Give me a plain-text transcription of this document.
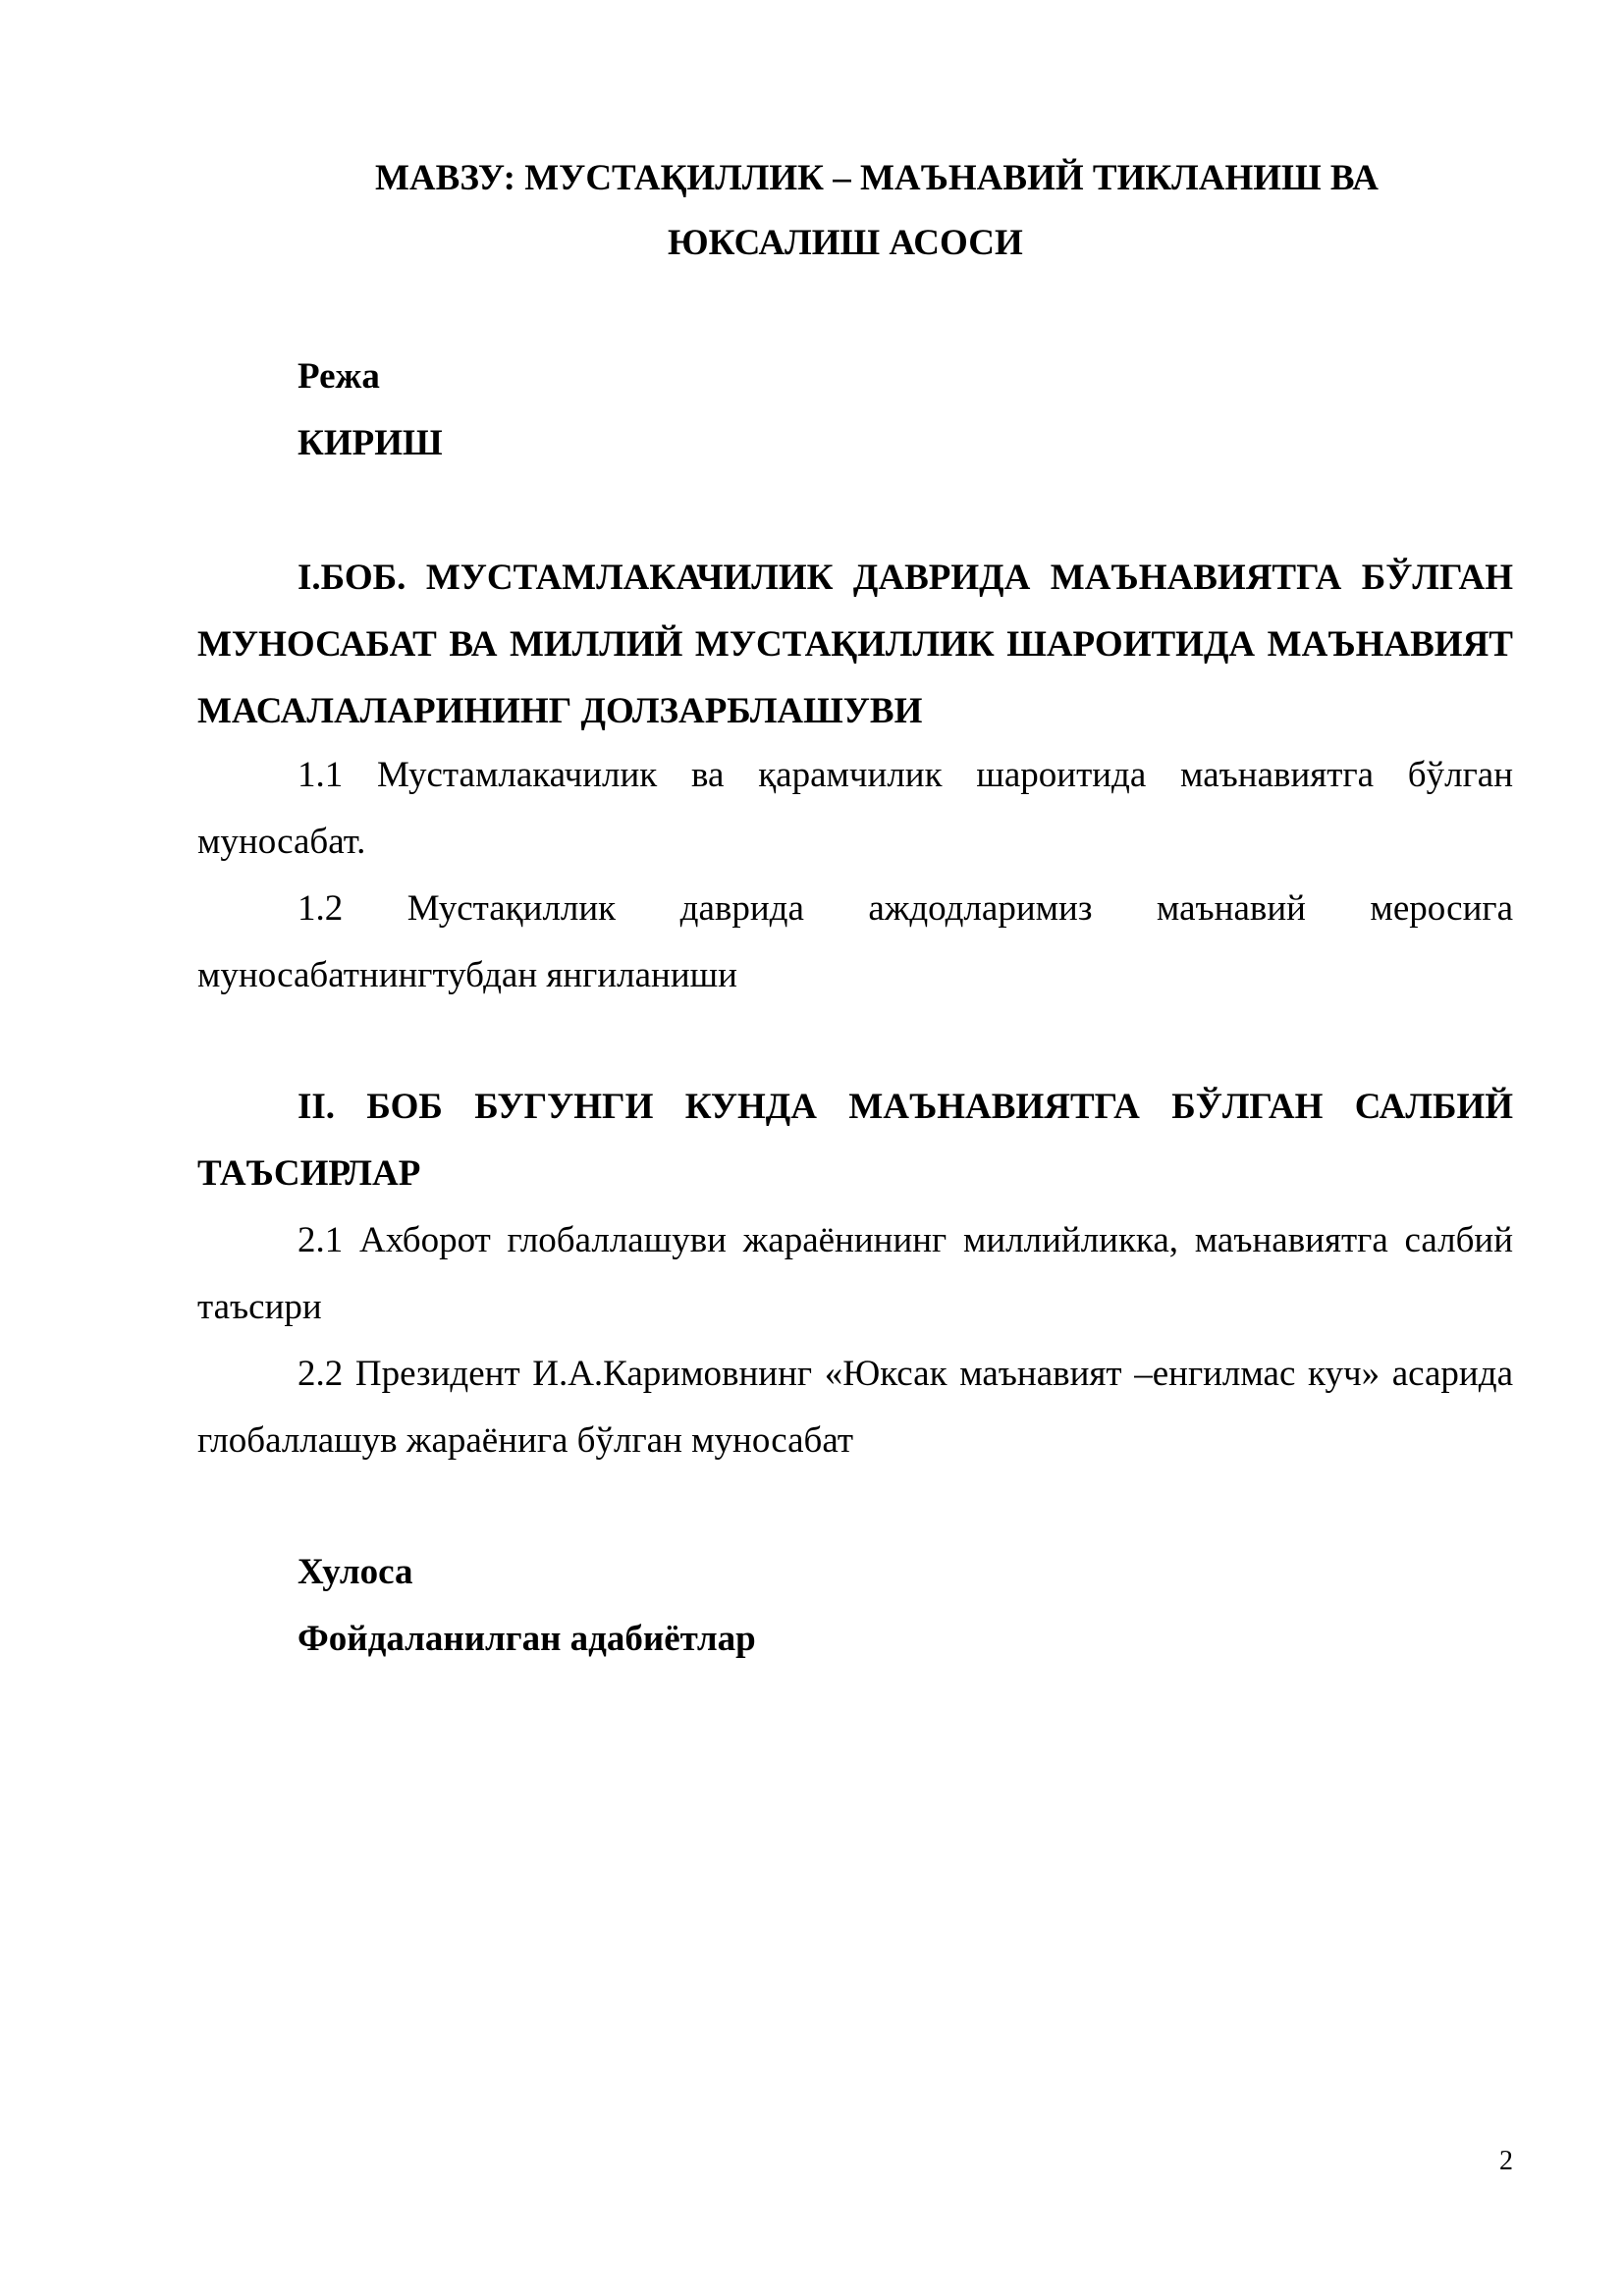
МАВЗУ: МУСТАҚИЛЛИК – МАЪНАВИЙ ТИКЛАНИШ ВА
ЮКСАЛИШ АСОСИ
Режа
КИРИШ

I.БОБ. МУСТАМЛАКАЧИЛИК ДАВРИДА МАЪНАВИЯТГА БЎЛГАН МУНОСАБАТ ВА МИЛЛИЙ МУСТАҚИЛЛИК ШАРОИТИДА МАЪНАВИЯТ МАСАЛАЛАРИНИНГ ДОЛЗАРБЛАШУВИ

1.1 Мустамлакачилик ва қарамчилик шароитида маънавиятга бўлган муносабат.

1.2 Мустақиллик даврида аждодларимиз маънавий меросига муносабатнингтубдан янгиланиши

II. БОБ БУГУНГИ КУНДА МАЪНАВИЯТГА БЎЛГАН САЛБИЙ ТАЪСИРЛАР

2.1 Ахборот глобаллашуви жараёнининг миллийликка, маънавиятга салбий таъсири

2.2 Президент И.А.Каримовнинг «Юксак маънавият –енгилмас куч» асарида глобаллашув жараёнига бўлган муносабат

Хулоса
Фойдаланилган адабиётлар
2
